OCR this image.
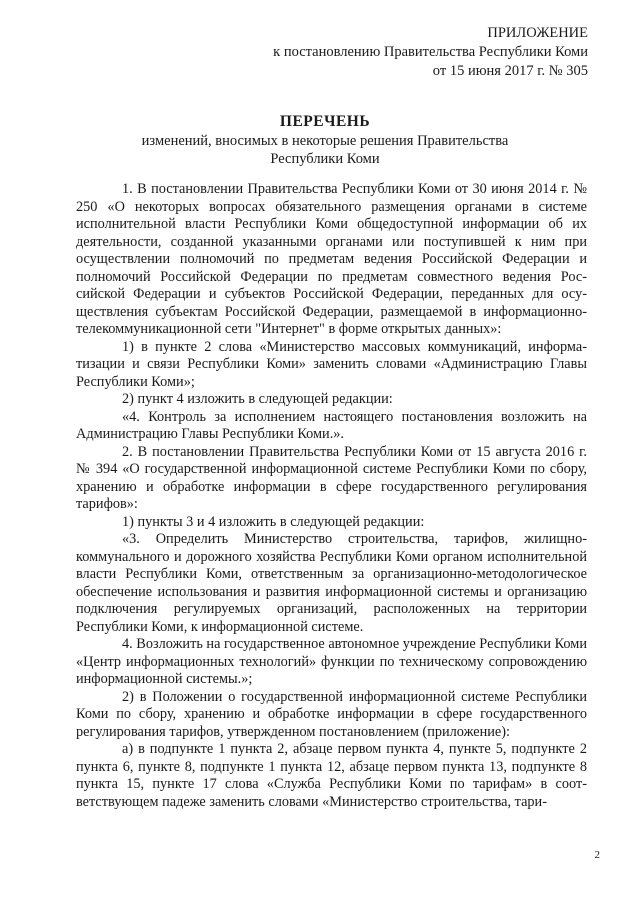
ПРИЛОЖЕНИЕ
к постановлению Правительства Республики Коми
от 15 июня 2017 г. № 305
ПЕРЕЧЕНЬ
изменений, вносимых в некоторые решения Правительства
Республики Коми

1. В постановлении Правительства Республики Коми от 30 июня 2014 г. № 250 «О некоторых вопросах обязательного размещения органами в системе исполнительной власти Республики Коми общедоступной информации об их деятельности, созданной указанными органами или поступившей к ним при осуществлении полномочий по предметам ведения Российской Федерации и полномочий Российской Федерации по предметам совместного ведения Российской Федерации и субъектов Российской Федерации, переданных для осуществления субъектам Российской Федерации, размещаемой в информационно-телекоммуникационной сети "Интернет" в форме открытых данных»:

1) в пункте 2 слова «Министерство массовых коммуникаций, информатизации и связи Республики Коми» заменить словами «Администрацию Главы Республики Коми»;

2) пункт 4 изложить в следующей редакции:

«4. Контроль за исполнением настоящего постановления возложить на Администрацию Главы Республики Коми.».

2. В постановлении Правительства Республики Коми от 15 августа 2016 г. № 394 «О государственной информационной системе Республики Коми по сбору, хранению и обработке информации в сфере государственного регулирования тарифов»:

1) пункты 3 и 4 изложить в следующей редакции:

«3. Определить Министерство строительства, тарифов, жилищно-коммунального и дорожного хозяйства Республики Коми органом исполнительной власти Республики Коми, ответственным за организационно-методологическое обеспечение использования и развития информационной системы и организацию подключения регулируемых организаций, расположенных на территории Республики Коми, к информационной системе.

4. Возложить на государственное автономное учреждение Республики Коми «Центр информационных технологий» функции по техническому сопровождению информационной системы.»;

2) в Положении о государственной информационной системе Республики Коми по сбору, хранению и обработке информации в сфере государственного регулирования тарифов, утвержденном постановлением (приложение):

а) в подпункте 1 пункта 2, абзаце первом пункта 4, пункте 5, подпункте 2 пункта 6, пункте 8, подпункте 1 пункта 12, абзаце первом пункта 13, подпункте 8 пункта 15, пункте 17 слова «Служба Республики Коми по тарифам» в соответствующем падеже заменить словами «Министерство строительства, тари-

2
